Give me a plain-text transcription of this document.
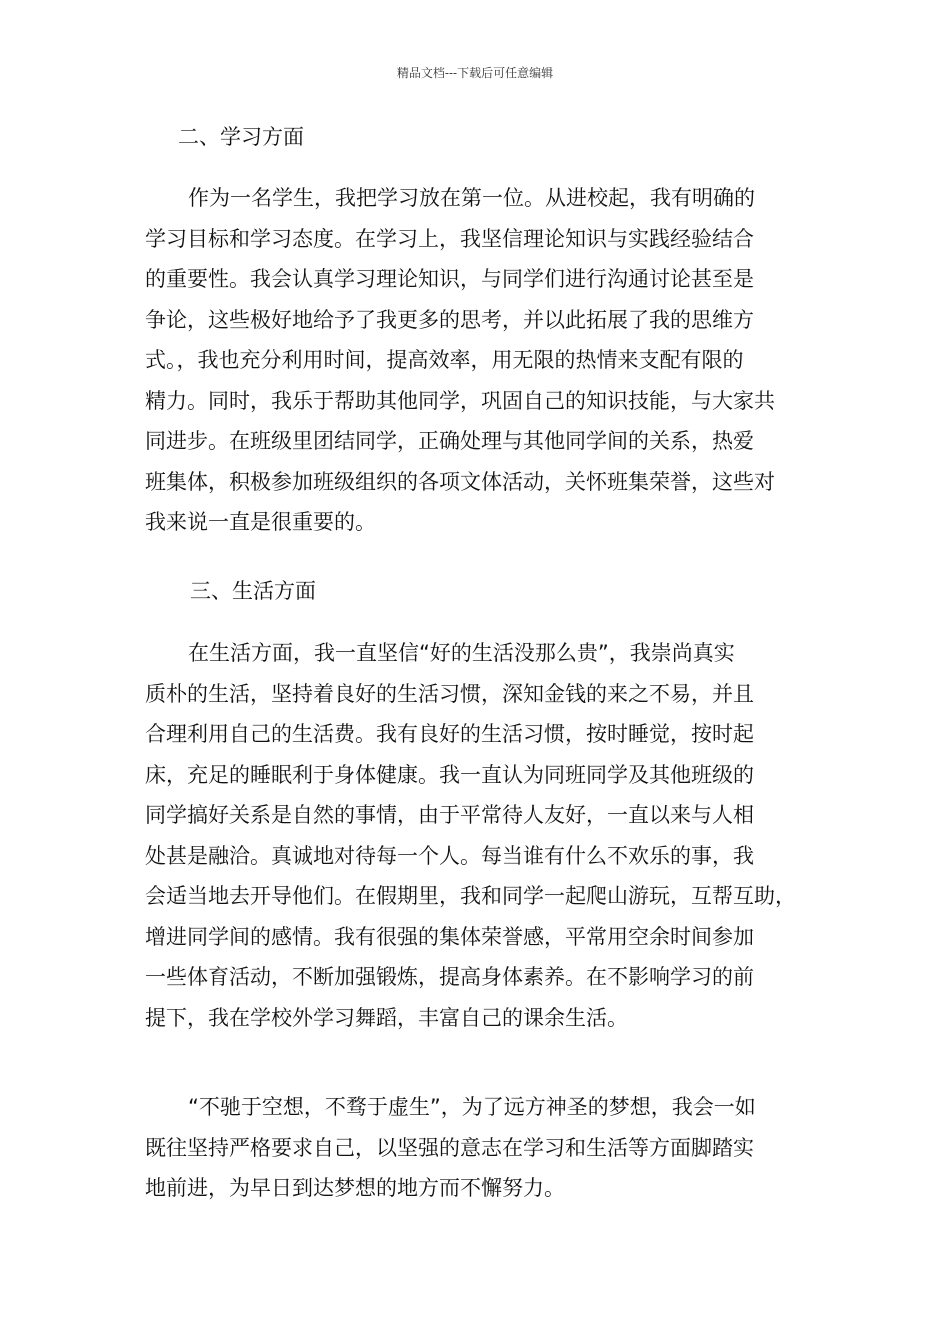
精品文档---下载后可任意编辑
二、学习方面
作为一名学生，我把学习放在第一位。从进校起，我有明确的
学习目标和学习态度。在学习上，我坚信理论知识与实践经验结合
的重要性。我会认真学习理论知识，与同学们进行沟通讨论甚至是
争论，这些极好地给予了我更多的思考，并以此拓展了我的思维方
式。，我也充分利用时间，提高效率，用无限的热情来支配有限的
精力。同时，我乐于帮助其他同学，巩固自己的知识技能，与大家共
同进步。在班级里团结同学，正确处理与其他同学间的关系，热爱
班集体，积极参加班级组织的各项文体活动，关怀班集荣誉，这些对
我来说一直是很重要的。
三、生活方面
在生活方面，我一直坚信“好的生活没那么贵”，我崇尚真实
质朴的生活，坚持着良好的生活习惯，深知金钱的来之不易，并且
合理利用自己的生活费。我有良好的生活习惯，按时睡觉，按时起
床，充足的睡眠利于身体健康。我一直认为同班同学及其他班级的
同学搞好关系是自然的事情，由于平常待人友好，一直以来与人相
处甚是融洽。真诚地对待每一个人。每当谁有什么不欢乐的事，我
会适当地去开导他们。在假期里，我和同学一起爬山游玩，互帮互助，
增进同学间的感情。我有很强的集体荣誉感，平常用空余时间参加
一些体育活动，不断加强锻炼，提高身体素养。在不影响学习的前
提下，我在学校外学习舞蹈，丰富自己的课余生活。
“不驰于空想，不骛于虚生”，为了远方神圣的梦想，我会一如
既往坚持严格要求自己，以坚强的意志在学习和生活等方面脚踏实
地前进，为早日到达梦想的地方而不懈努力。
